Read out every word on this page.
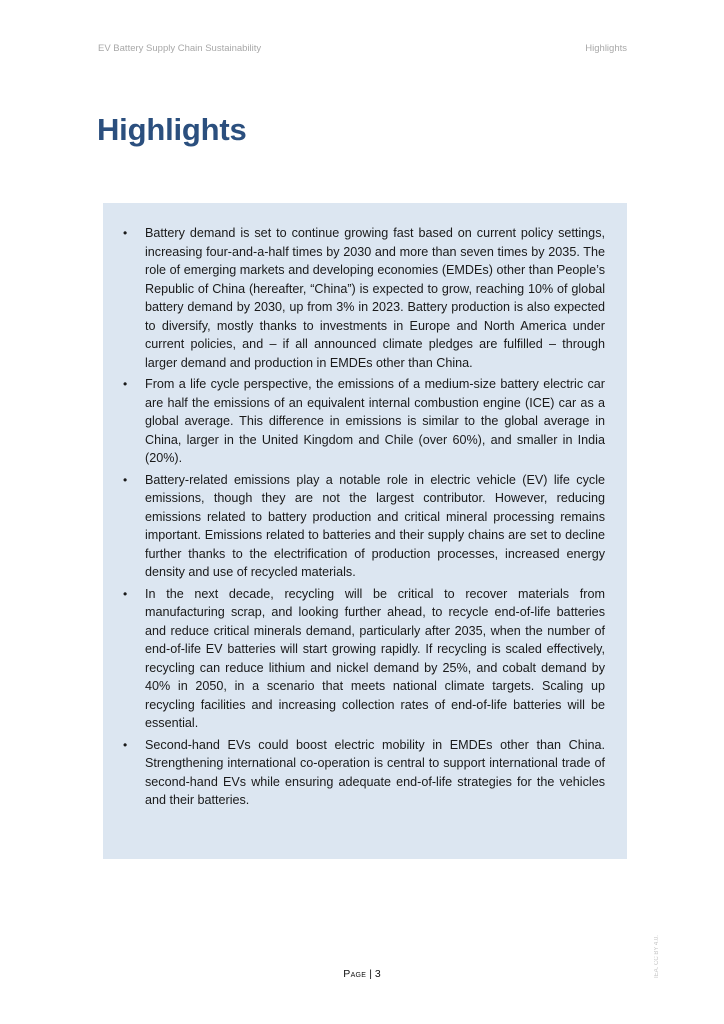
EV Battery Supply Chain Sustainability	Highlights
Highlights
• Battery demand is set to continue growing fast based on current policy settings, increasing four-and-a-half times by 2030 and more than seven times by 2035. The role of emerging markets and developing economies (EMDEs) other than People’s Republic of China (hereafter, “China”) is expected to grow, reaching 10% of global battery demand by 2030, up from 3% in 2023. Battery production is also expected to diversify, mostly thanks to investments in Europe and North America under current policies, and – if all announced climate pledges are fulfilled – through larger demand and production in EMDEs other than China.
• From a life cycle perspective, the emissions of a medium-size battery electric car are half the emissions of an equivalent internal combustion engine (ICE) car as a global average. This difference in emissions is similar to the global average in China, larger in the United Kingdom and Chile (over 60%), and smaller in India (20%).
• Battery-related emissions play a notable role in electric vehicle (EV) life cycle emissions, though they are not the largest contributor. However, reducing emissions related to battery production and critical mineral processing remains important. Emissions related to batteries and their supply chains are set to decline further thanks to the electrification of production processes, increased energy density and use of recycled materials.
• In the next decade, recycling will be critical to recover materials from manufacturing scrap, and looking further ahead, to recycle end-of-life batteries and reduce critical minerals demand, particularly after 2035, when the number of end-of-life EV batteries will start growing rapidly. If recycling is scaled effectively, recycling can reduce lithium and nickel demand by 25%, and cobalt demand by 40% in 2050, in a scenario that meets national climate targets. Scaling up recycling facilities and increasing collection rates of end-of-life batteries will be essential.
• Second-hand EVs could boost electric mobility in EMDEs other than China. Strengthening international co-operation is central to support international trade of second-hand EVs while ensuring adequate end-of-life strategies for the vehicles and their batteries.
Page | 3	IEA. CC BY 4.0.
